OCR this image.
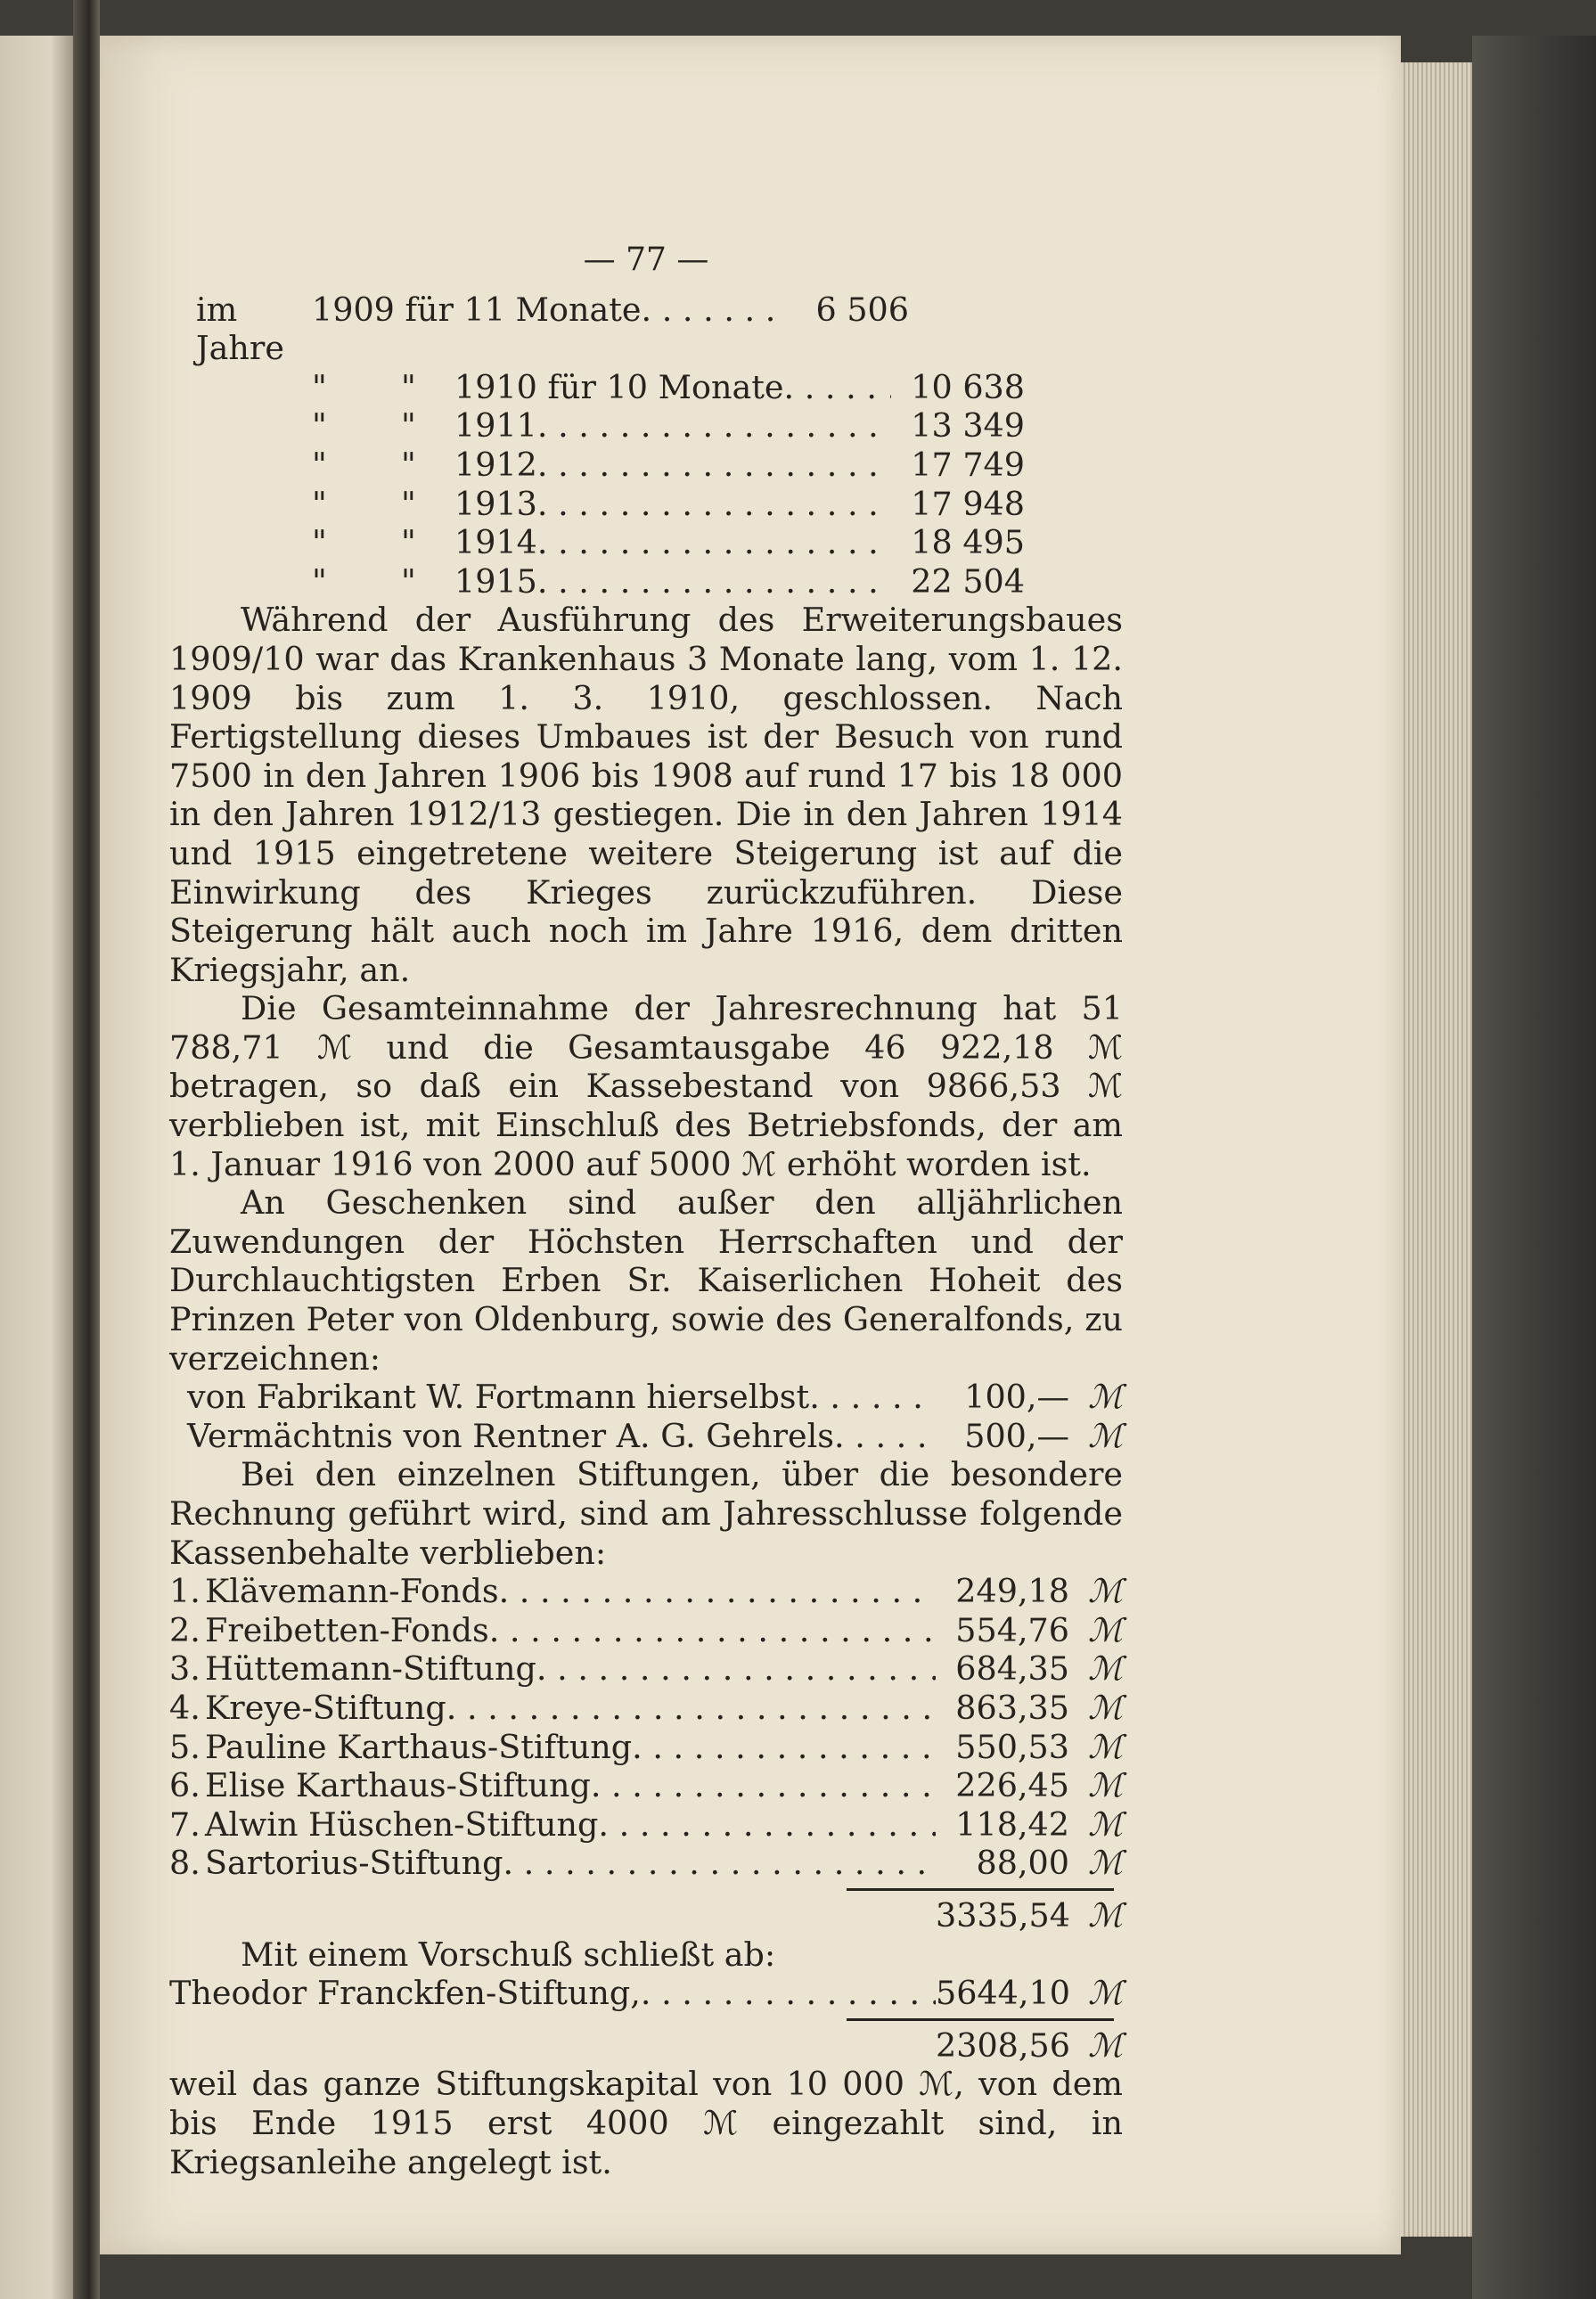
— 77 —
im Jahre
1909 für 11 Monate . . .	6 506
"	"	1910 für 10 Monate . . .	10 638
"	"	1911 . . .	13 349
"	"	1912 . . .	17 749
"	"	1913 . . .	17 948
"	"	1914 . . .	18 495
"	"	1915 . . .	22 504

Während der Ausführung des Erweiterungsbaues 1909/10 war das Krankenhaus 3 Monate lang, vom 1. 12. 1909 bis zum 1. 3. 1910, geschlossen. Nach Fertigstellung dieses Umbaues ist der Besuch von rund 7500 in den Jahren 1906 bis 1908 auf rund 17 bis 18 000 in den Jahren 1912/13 gestiegen. Die in den Jahren 1914 und 1915 eingetretene weitere Steigerung ist auf die Einwirkung des Krieges zurückzuführen. Diese Steigerung hält auch noch im Jahre 1916, dem dritten Kriegsjahr, an.

Die Gesamteinnahme der Jahresrechnung hat 51 788,71 ℳ und die Gesamtausgabe 46 922,18 ℳ betragen, so daß ein Kassebestand von 9866,53 ℳ verblieben ist, mit Einschluß des Betriebsfonds, der am 1. Januar 1916 von 2000 auf 5000 ℳ erhöht worden ist.

An Geschenken sind außer den alljährlichen Zuwendungen der Höchsten Herrschaften und der Durchlauchtigsten Erben Sr. Kaiserlichen Hoheit des Prinzen Peter von Oldenburg, sowie des Generalfonds, zu verzeichnen:

von Fabrikant W. Fortmann hierselbst . . .	100,— ℳ
Vermächtnis von Rentner A. G. Gehrels . . .	500,— ℳ

Bei den einzelnen Stiftungen, über die besondere Rechnung geführt wird, sind am Jahresschlusse folgende Kassenbehalte verblieben:

1. Klävemann-Fonds . . .	249,18 ℳ
2. Freibetten-Fonds . . .	554,76 ℳ
3. Hüttemann-Stiftung . . .	684,35 ℳ
4. Kreye-Stiftung . . .	863,35 ℳ
5. Pauline Karthaus-Stiftung . . .	550,53 ℳ
6. Elise Karthaus-Stiftung . . .	226,45 ℳ
7. Alwin Hüschen-Stiftung . . .	118,42 ℳ
8. Sartorius-Stiftung . . .	88,00 ℳ
3335,54 ℳ
Mit einem Vorschuß schließt ab:
Theodor Franckfen-Stiftung, . . .	5644,10 ℳ
2308,56 ℳ

weil das ganze Stiftungskapital von 10 000 ℳ, von dem bis Ende 1915 erst 4000 ℳ eingezahlt sind, in Kriegsanleihe angelegt ist.
